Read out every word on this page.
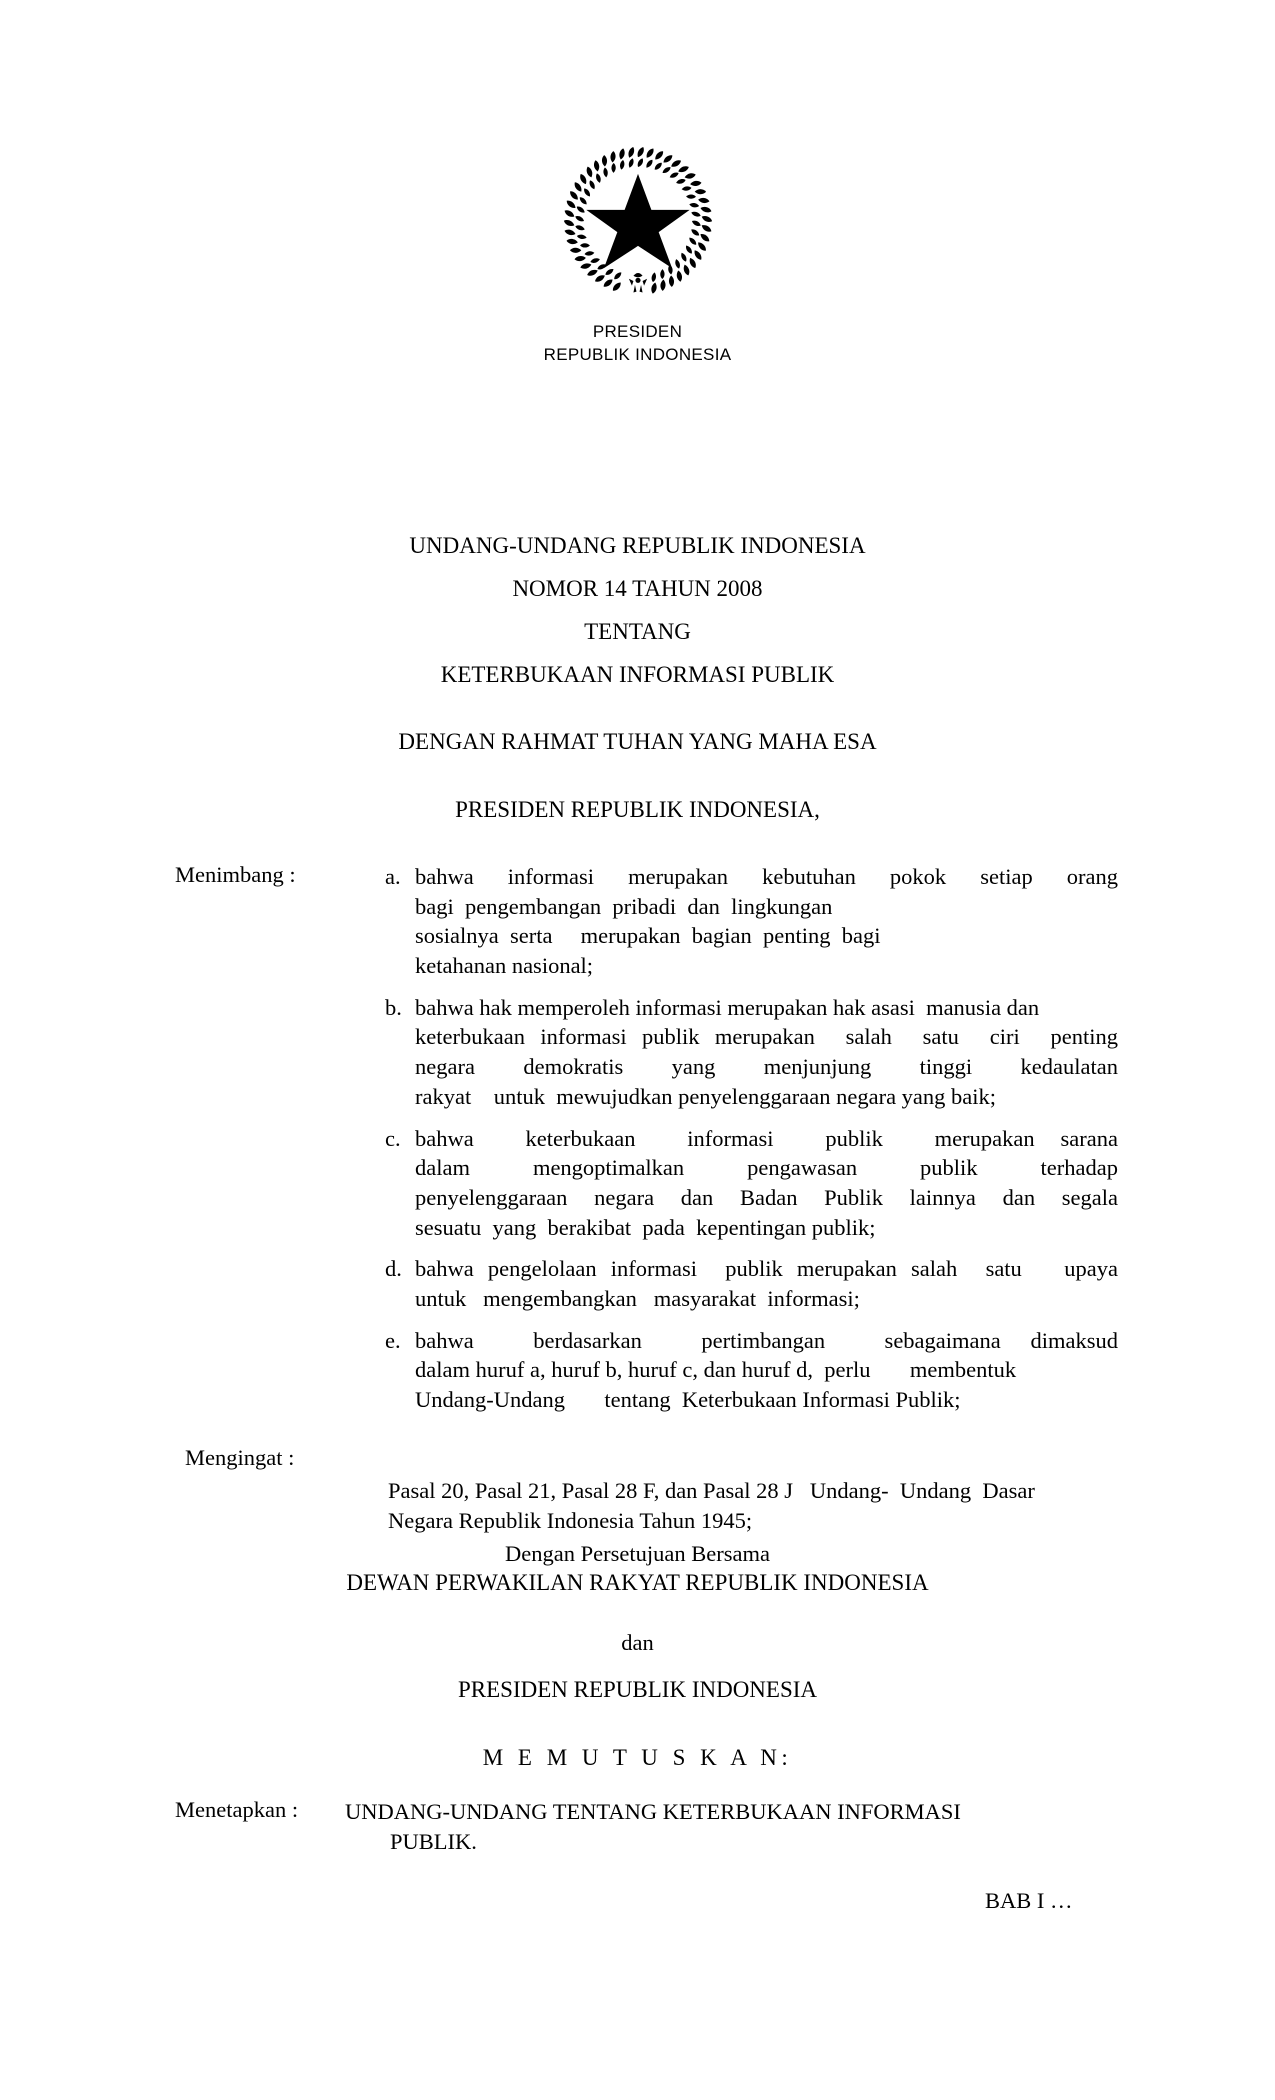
PRESIDEN
REPUBLIK INDONESIA
UNDANG-UNDANG REPUBLIK INDONESIA
NOMOR 14 TAHUN 2008
TENTANG
KETERBUKAAN INFORMASI PUBLIK
DENGAN RAHMAT TUHAN YANG MAHA ESA
PRESIDEN REPUBLIK INDONESIA,
Menimbang :	a. bahwa informasi merupakan kebutuhan pokok setiap orang
bagi  pengembangan  pribadi  dan  lingkungan
sosialnya  serta     merupakan  bagian  penting  bagi
ketahanan nasional;
b. bahwa hak memperoleh informasi merupakan hak asasi  manusia dan
keterbukaan informasi publik merupakan  salah  satu  ciri  penting
negara  demokratis  yang  menjunjung  tinggi  kedaulatan
rakyat    untuk  mewujudkan penyelenggaraan negara yang baik;
c. bahwa  keterbukaan  informasi  publik  merupakan sarana
dalam  mengoptimalkan  pengawasan  publik  terhadap
penyelenggaraan  negara  dan  Badan  Publik  lainnya  dan  segala
sesuatu  yang  berakibat  pada  kepentingan publik;
d. bahwa pengelolaan informasi  publik merupakan salah  satu   upaya
untuk   mengembangkan   masyarakat  informasi;
e. bahwa  berdasarkan  pertimbangan  sebagaimana dimaksud
dalam huruf a, huruf b, huruf c, dan huruf d,  perlu       membentuk
Undang-Undang       tentang  Keterbukaan Informasi Publik;
Mengingat :
Pasal 20, Pasal 21, Pasal 28 F, dan Pasal 28 J   Undang-  Undang  Dasar
Negara Republik Indonesia Tahun 1945;
Dengan Persetujuan Bersama
DEWAN PERWAKILAN RAKYAT REPUBLIK INDONESIA
dan
PRESIDEN REPUBLIK INDONESIA
M E M U T U S K A N:
Menetapkan : UNDANG-UNDANG TENTANG KETERBUKAAN INFORMASI
PUBLIK.
BAB I …
